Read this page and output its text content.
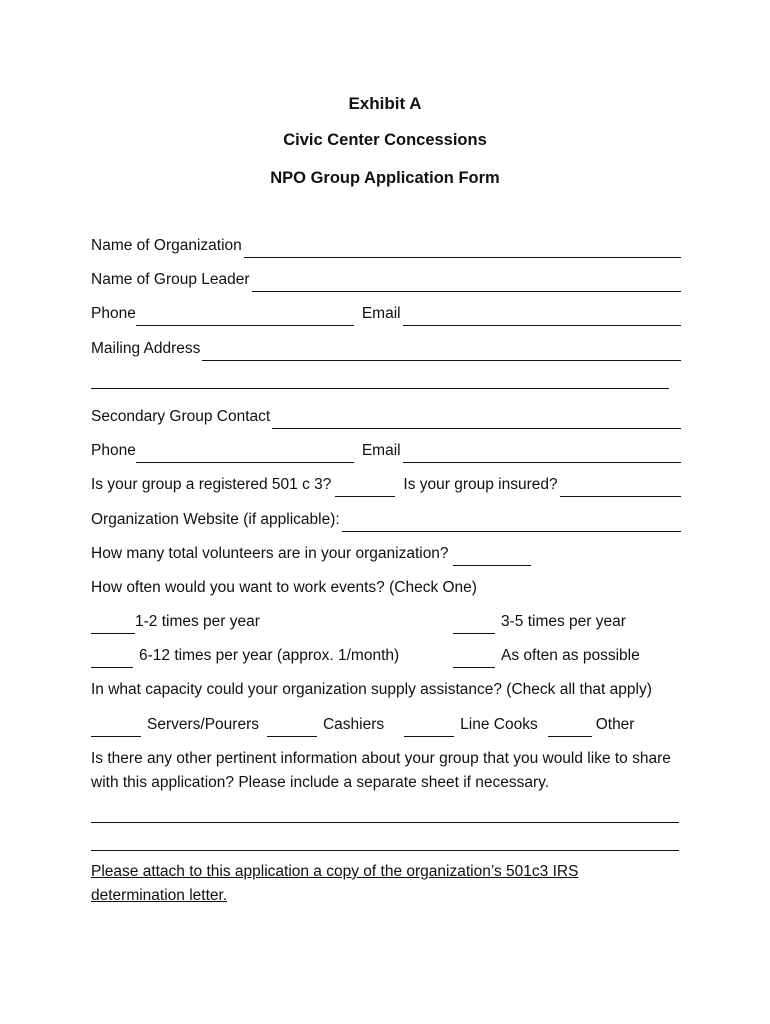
Exhibit A
Civic Center Concessions
NPO Group Application Form
Name of Organization
Name of Group Leader
Phone	Email
Mailing Address
Secondary Group Contact
Phone	Email
Is your group a registered 501 c 3?	Is your group insured?
Organization Website (if applicable):
How many total volunteers are in your organization?
How often would you want to work events? (Check One)
1-2 times per year	3-5 times per year
6-12 times per year (approx. 1/month)	As often as possible
In what capacity could your organization supply assistance? (Check all that apply)
Servers/Pourers	Cashiers	Line Cooks	Other
Is there any other pertinent information about your group that you would like to share with this application? Please include a separate sheet if necessary.
Please attach to this application a copy of the organization’s 501c3 IRS determination letter.
